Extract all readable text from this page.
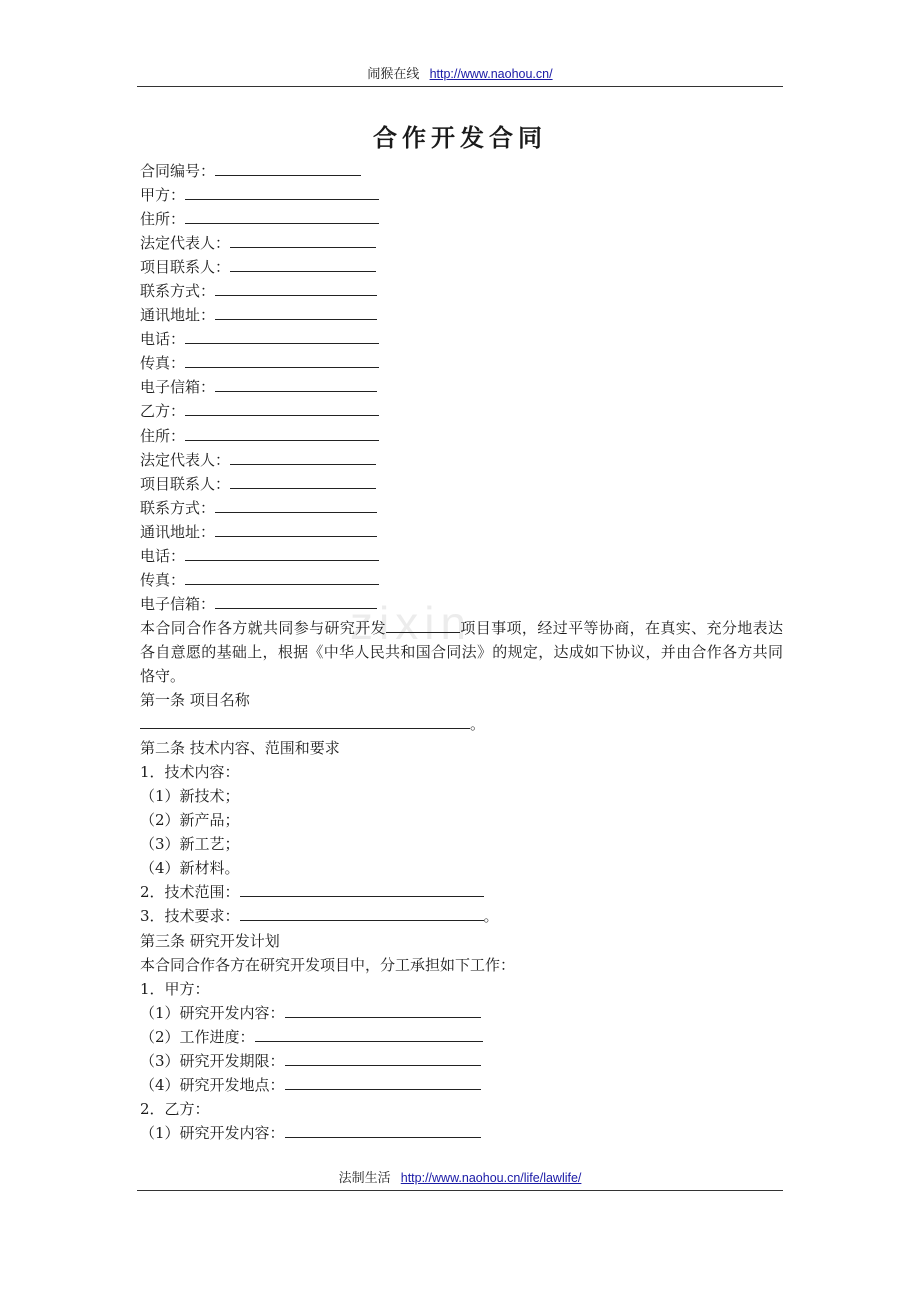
闹猴在线 http://www.naohou.cn/
合作开发合同
zixin
合同编号：
甲方：
住所：
法定代表人：
项目联系人：
联系方式：
通讯地址：
电话：
传真：
电子信箱：
乙方：
住所：
法定代表人：
项目联系人：
联系方式：
通讯地址：
电话：
传真：
电子信箱：
本合同合作各方就共同参与研究开发	项目事项，经过平等协商，在真实、充分地表达各自意愿的基础上，根据《中华人民共和国合同法》的规定，达成如下协议，并由合作各方共同恪守。
第一条 项目名称
。
第二条 技术内容、范围和要求
1．技术内容：
（1）新技术；
（2）新产品；
（3）新工艺；
（4）新材料。
2．技术范围：
3．技术要求：	。
第三条 研究开发计划
本合同合作各方在研究开发项目中，分工承担如下工作：
1．甲方：
（1）研究开发内容：
（2）工作进度：
（3）研究开发期限：
（4）研究开发地点：
2．乙方：
（1）研究开发内容：
法制生活 http://www.naohou.cn/life/lawlife/
